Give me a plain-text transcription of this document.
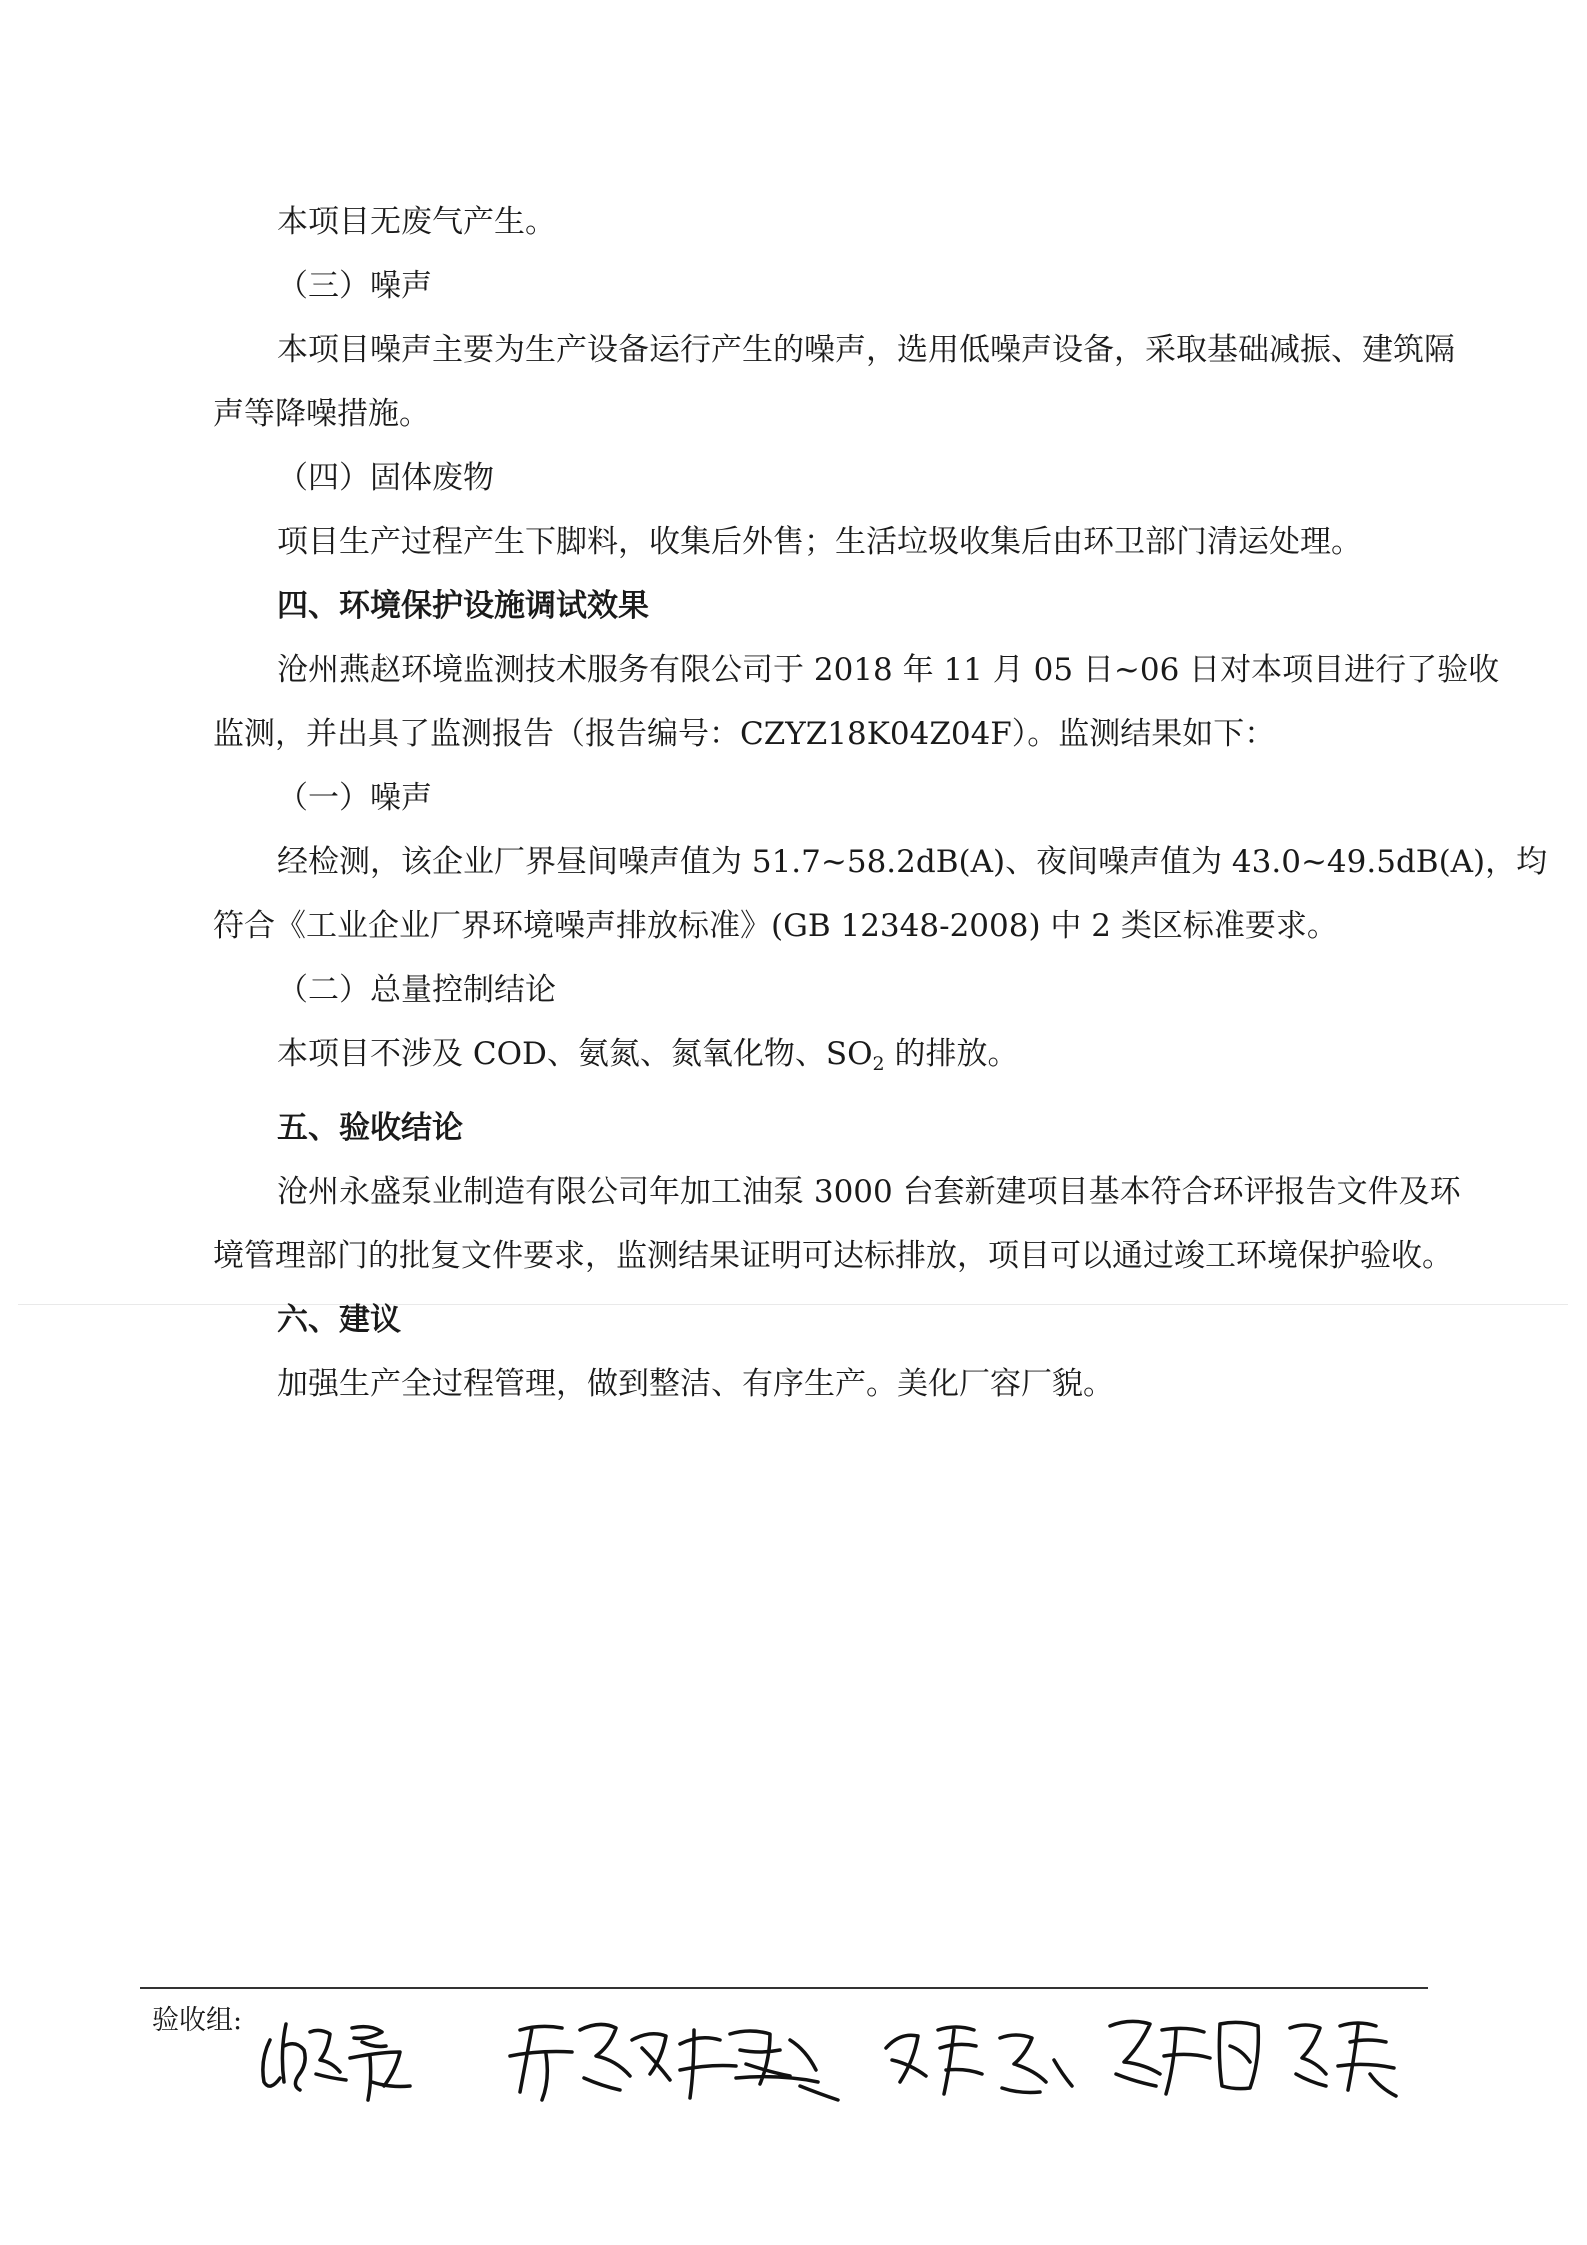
本项目无废气产生。

（三）噪声

本项目噪声主要为生产设备运行产生的噪声，选用低噪声设备，采取基础减振、建筑隔

声等降噪措施。

（四）固体废物

项目生产过程产生下脚料，收集后外售；生活垃圾收集后由环卫部门清运处理。

四、环境保护设施调试效果

沧州燕赵环境监测技术服务有限公司于 2018 年 11 月 05 日~06 日对本项目进行了验收

监测，并出具了监测报告（报告编号：CZYZ18K04Z04F）。监测结果如下：

（一）噪声

经检测，该企业厂界昼间噪声值为 51.7~58.2dB(A)、夜间噪声值为 43.0~49.5dB(A)，均

符合《工业企业厂界环境噪声排放标准》(GB 12348-2008) 中 2 类区标准要求。

（二）总量控制结论

本项目不涉及 COD、氨氮、氮氧化物、$SO_2$ 的排放。

五、验收结论

沧州永盛泵业制造有限公司年加工油泵 3000 台套新建项目基本符合环评报告文件及环

境管理部门的批复文件要求，监测结果证明可达标排放，项目可以通过竣工环境保护验收。

六、建议

加强生产全过程管理，做到整洁、有序生产。美化厂容厂貌。

验收组:
